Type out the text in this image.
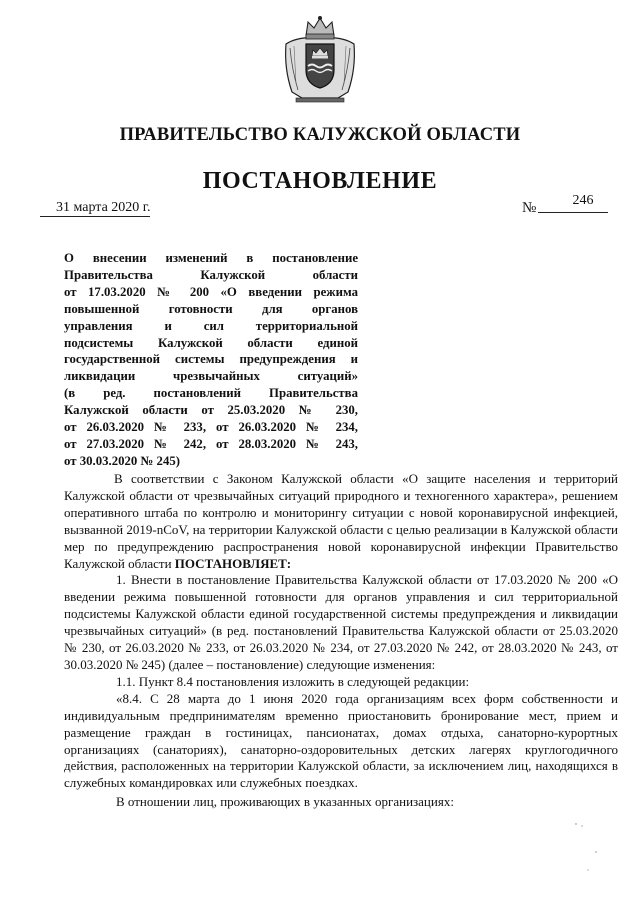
ПРАВИТЕЛЬСТВО КАЛУЖСКОЙ ОБЛАСТИ
ПОСТАНОВЛЕНИЕ
31 марта 2020 г.	№	246

О внесении изменений в постановление
Правительства Калужской области
от 17.03.2020 № 200 «О введении режима
повышенной готовности для органов
управления и сил территориальной
подсистемы Калужской области единой
государственной системы предупреждения и
ликвидации чрезвычайных ситуаций»
(в ред. постановлений Правительства
Калужской области от 25.03.2020 № 230,
от 26.03.2020 № 233, от 26.03.2020 № 234,
от 27.03.2020 № 242, от 28.03.2020 № 243,
от 30.03.2020 № 245)

В соответствии с Законом Калужской области «О защите населения и территорий Калужской области от чрезвычайных ситуаций природного и техногенного характера», решением оперативного штаба по контролю и мониторингу ситуации с новой коронавирусной инфекцией, вызванной 2019-nCoV, на территории Калужской области с целью реализации в Калужской области мер по предупреждению распространения новой коронавирусной инфекции Правительство Калужской области ПОСТАНОВЛЯЕТ:

1. Внести в постановление Правительства Калужской области от 17.03.2020 № 200 «О введении режима повышенной готовности для органов управления и сил территориальной подсистемы Калужской области единой государственной системы предупреждения и ликвидации чрезвычайных ситуаций» (в ред. постановлений Правительства Калужской области от 25.03.2020 № 230, от 26.03.2020 № 233, от 26.03.2020 № 234, от 27.03.2020 № 242, от 28.03.2020 № 243, от 30.03.2020 № 245) (далее – постановление) следующие изменения:

1.1. Пункт 8.4 постановления изложить в следующей редакции:

«8.4. С 28 марта до 1 июня 2020 года организациям всех форм собственности и индивидуальным предпринимателям временно приостановить бронирование мест, прием и размещение граждан в гостиницах, пансионатах, домах отдыха, санаторно-курортных организациях (санаториях), санаторно-оздоровительных детских лагерях круглогодичного действия, расположенных на территории Калужской области, за исключением лиц, находящихся в служебных командировках или служебных поездках.

В отношении лиц, проживающих в указанных организациях:
